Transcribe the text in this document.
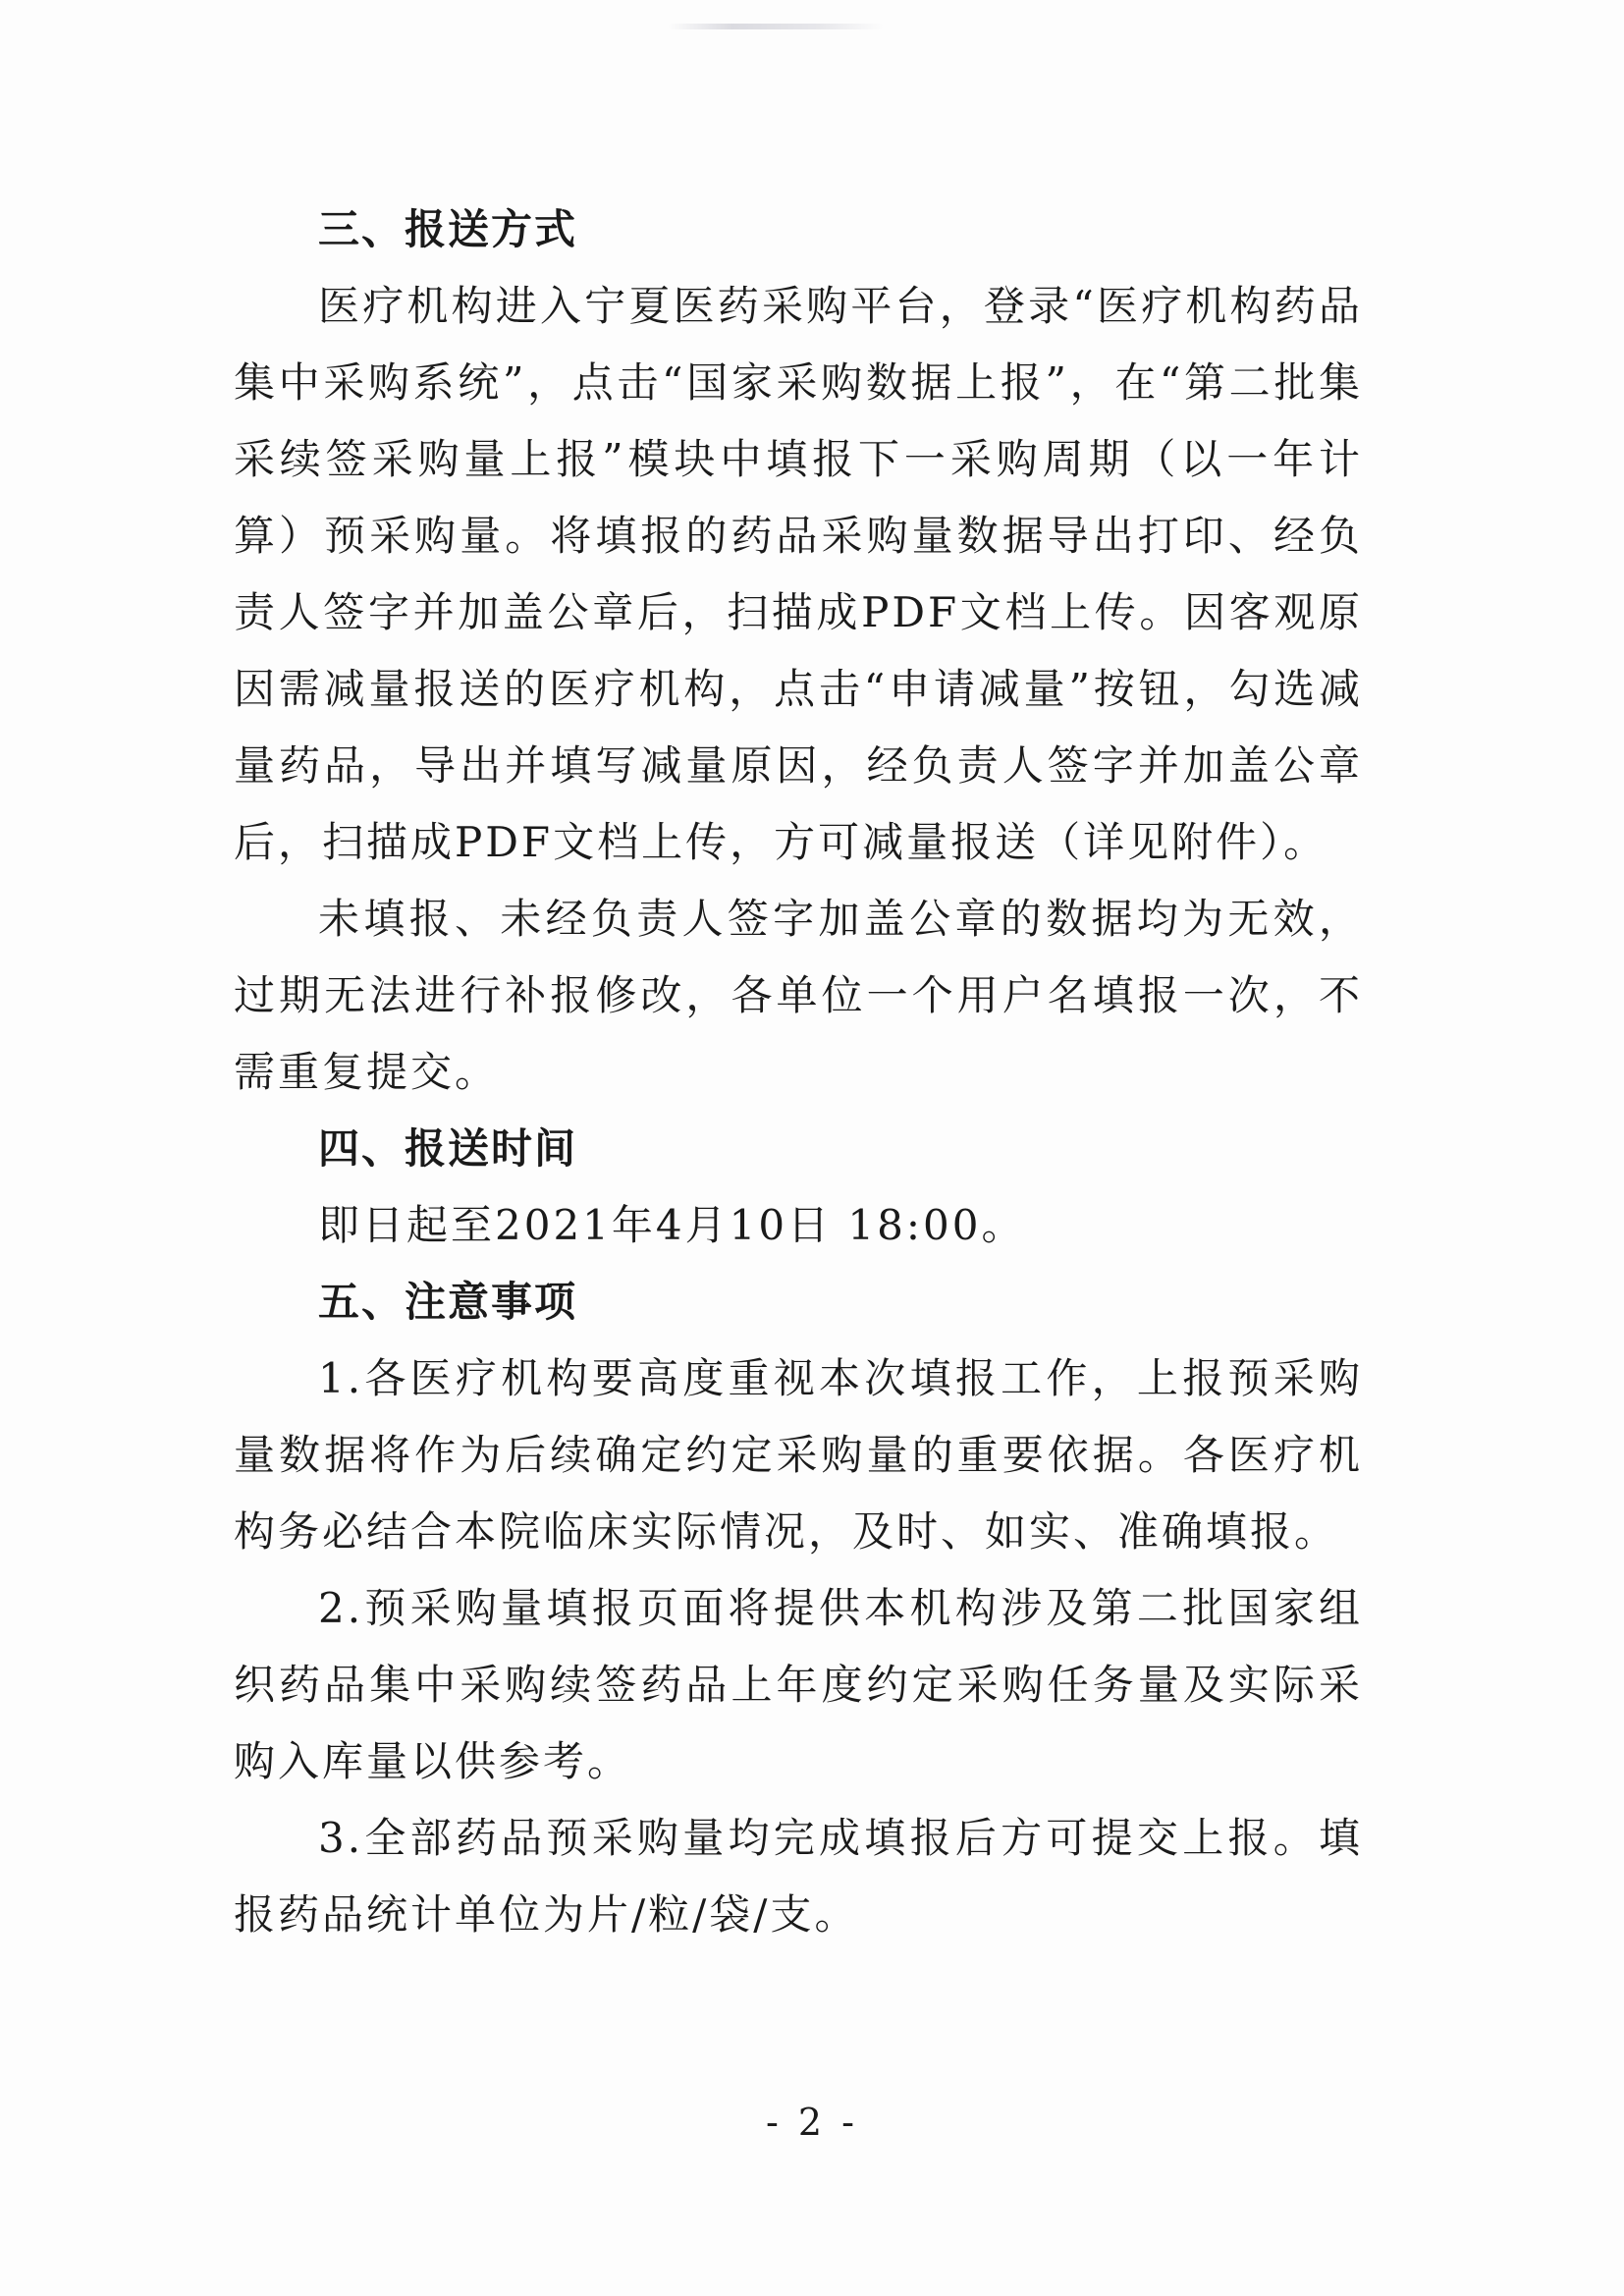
三、报送方式

医疗机构进入宁夏医药采购平台，登录“医疗机构药品集中采购系统”，点击“国家采购数据上报”，在“第二批集采续签采购量上报”模块中填报下一采购周期（以一年计算）预采购量。将填报的药品采购量数据导出打印、经负责人签字并加盖公章后，扫描成PDF文档上传。因客观原因需减量报送的医疗机构，点击“申请减量”按钮，勾选减量药品，导出并填写减量原因，经负责人签字并加盖公章后，扫描成PDF文档上传，方可减量报送（详见附件）。

未填报、未经负责人签字加盖公章的数据均为无效，过期无法进行补报修改，各单位一个用户名填报一次，不需重复提交。

四、报送时间

即日起至2021年4月10日 18:00。

五、注意事项

1.各医疗机构要高度重视本次填报工作，上报预采购量数据将作为后续确定约定采购量的重要依据。各医疗机构务必结合本院临床实际情况，及时、如实、准确填报。

2.预采购量填报页面将提供本机构涉及第二批国家组织药品集中采购续签药品上年度约定采购任务量及实际采购入库量以供参考。

3.全部药品预采购量均完成填报后方可提交上报。填报药品统计单位为片/粒/袋/支。

- 2 -
